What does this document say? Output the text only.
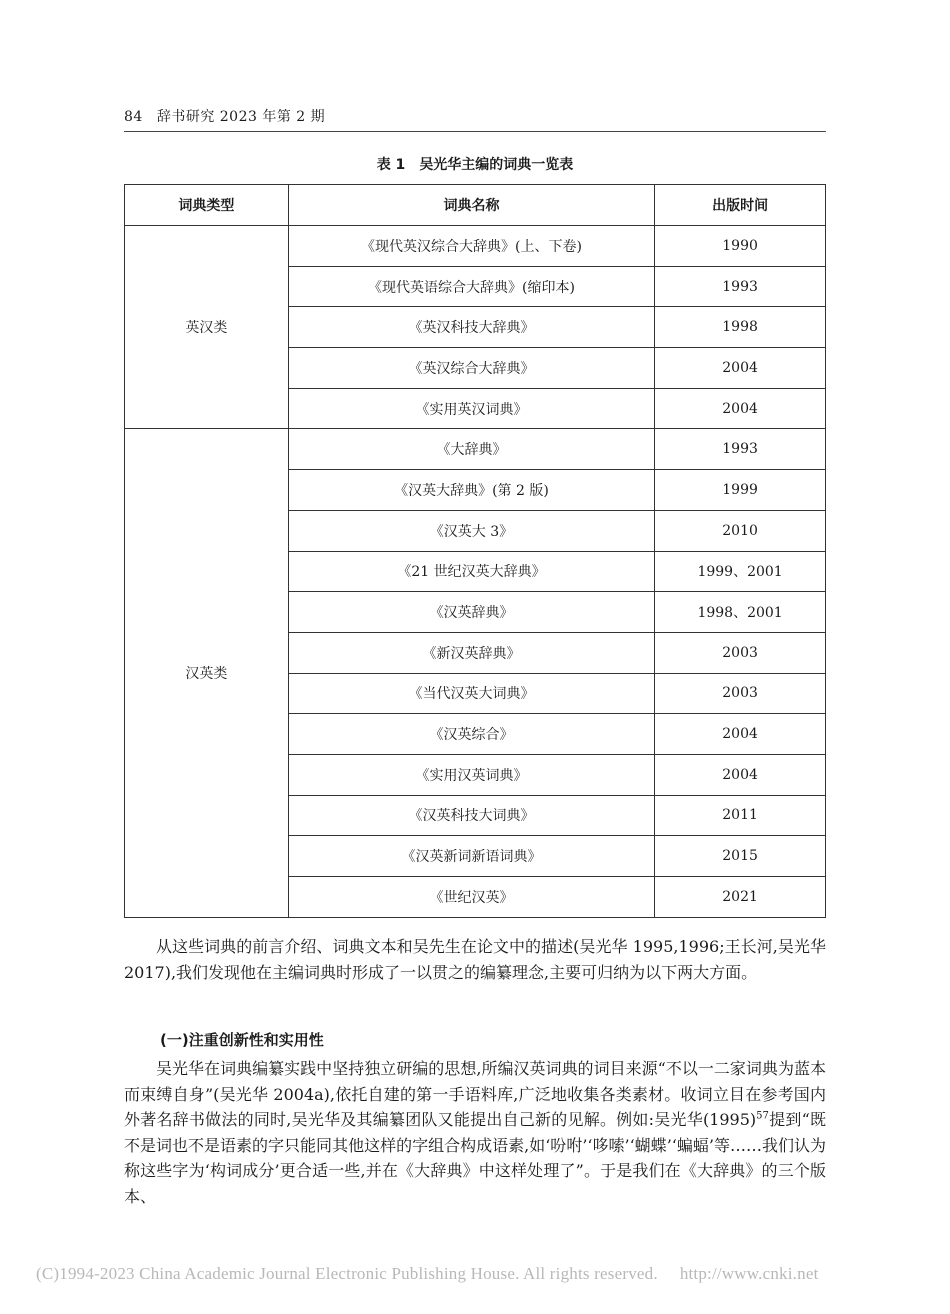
84 辞书研究 2023 年第 2 期
表 1 吴光华主编的词典一览表
词典类型	词典名称	出版时间
英汉类	《现代英汉综合大辞典》(上、下卷)	1990
	《现代英语综合大辞典》(缩印本)	1993
	《英汉科技大辞典》	1998
	《英汉综合大辞典》	2004
	《实用英汉词典》	2004
汉英类	《大辞典》	1993
	《汉英大辞典》(第 2 版)	1999
	《汉英大 3》	2010
	《21 世纪汉英大辞典》	1999、2001
	《汉英辞典》	1998、2001
	《新汉英辞典》	2003
	《当代汉英大词典》	2003
	《汉英综合》	2004
	《实用汉英词典》	2004
	《汉英科技大词典》	2011
	《汉英新词新语词典》	2015
	《世纪汉英》	2021

从这些词典的前言介绍、词典文本和吴先生在论文中的描述(吴光华 1995,1996;王长河,吴光华 2017),我们发现他在主编词典时形成了一以贯之的编纂理念,主要可归纳为以下两大方面。

(一)注重创新性和实用性

吴光华在词典编纂实践中坚持独立研编的思想,所编汉英词典的词目来源“不以一二家词典为蓝本而束缚自身”(吴光华 2004a),依托自建的第一手语料库,广泛地收集各类素材。收词立目在参考国内外著名辞书做法的同时,吴光华及其编纂团队又能提出自己新的见解。例如:吴光华$(1995)^{57}$提到“既不是词也不是语素的字只能同其他这样的字组合构成语素,如‘吩咐’‘哆嗦’‘蝴蝶’‘蝙蝠’等……我们认为称这些字为‘构词成分’更合适一些,并在《大辞典》中这样处理了”。于是我们在《大辞典》的三个版本、

(C)1994-2023 China Academic Journal Electronic Publishing House. All rights reserved. http://www.cnki.net
